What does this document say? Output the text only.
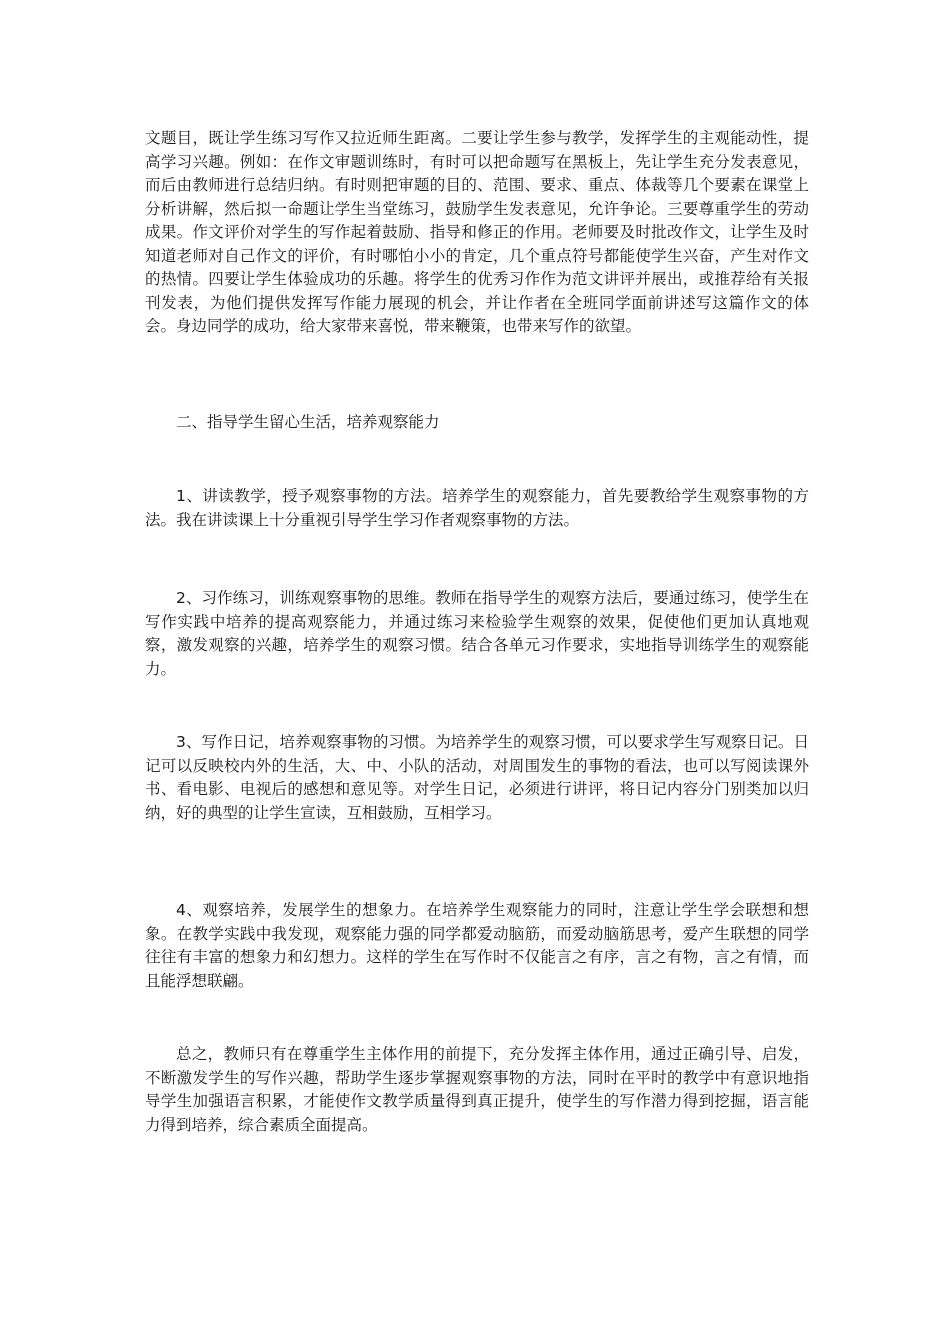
文题目，既让学生练习写作又拉近师生距离。二要让学生参与教学，发挥学生的主观能动性，提高学习兴趣。例如：在作文审题训练时，有时可以把命题写在黑板上，先让学生充分发表意见，而后由教师进行总结归纳。有时则把审题的目的、范围、要求、重点、体裁等几个要素在课堂上分析讲解，然后拟一命题让学生当堂练习，鼓励学生发表意见，允许争论。三要尊重学生的劳动成果。作文评价对学生的写作起着鼓励、指导和修正的作用。老师要及时批改作文，让学生及时知道老师对自己作文的评价，有时哪怕小小的肯定，几个重点符号都能使学生兴奋，产生对作文的热情。四要让学生体验成功的乐趣。将学生的优秀习作作为范文讲评并展出，或推荐给有关报刊发表，为他们提供发挥写作能力展现的机会，并让作者在全班同学面前讲述写这篇作文的体会。身边同学的成功，给大家带来喜悦，带来鞭策，也带来写作的欲望。

二、指导学生留心生活，培养观察能力

1、讲读教学，授予观察事物的方法。培养学生的观察能力，首先要教给学生观察事物的方法。我在讲读课上十分重视引导学生学习作者观察事物的方法。

2、习作练习，训练观察事物的思维。教师在指导学生的观察方法后，要通过练习，使学生在写作实践中培养的提高观察能力，并通过练习来检验学生观察的效果，促使他们更加认真地观察，激发观察的兴趣，培养学生的观察习惯。结合各单元习作要求，实地指导训练学生的观察能力。

3、写作日记，培养观察事物的习惯。为培养学生的观察习惯，可以要求学生写观察日记。日记可以反映校内外的生活，大、中、小队的活动，对周围发生的事物的看法，也可以写阅读课外书、看电影、电视后的感想和意见等。对学生日记，必须进行讲评，将日记内容分门别类加以归纳，好的典型的让学生宣读，互相鼓励，互相学习。

4、观察培养，发展学生的想象力。在培养学生观察能力的同时，注意让学生学会联想和想象。在教学实践中我发现，观察能力强的同学都爱动脑筋，而爱动脑筋思考，爱产生联想的同学往往有丰富的想象力和幻想力。这样的学生在写作时不仅能言之有序，言之有物，言之有情，而且能浮想联翩。

总之，教师只有在尊重学生主体作用的前提下，充分发挥主体作用，通过正确引导、启发，不断激发学生的写作兴趣，帮助学生逐步掌握观察事物的方法，同时在平时的教学中有意识地指导学生加强语言积累，才能使作文教学质量得到真正提升，使学生的写作潜力得到挖掘，语言能力得到培养，综合素质全面提高。
